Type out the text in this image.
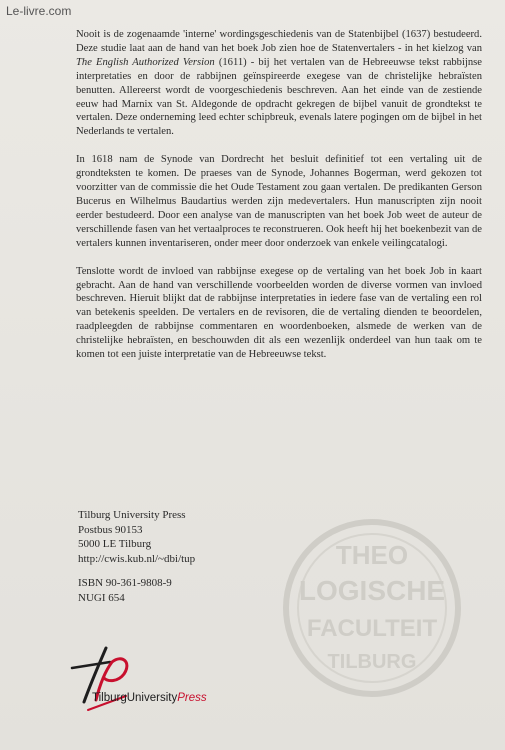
Le-livre.com

Nooit is de zogenaamde 'interne' wordingsgeschiedenis van de Statenbijbel (1637) bestudeerd. Deze studie laat aan de hand van het boek Job zien hoe de Statenvertalers - in het kielzog van The English Authorized Version (1611) - bij het vertalen van de Hebreeuwse tekst rabbijnse interpretaties en door de rabbijnen geïnspireerde exegese van de christelijke hebraïsten benutten. Allereerst wordt de voorgeschiedenis beschreven. Aan het einde van de zestiende eeuw had Marnix van St. Aldegonde de opdracht gekregen de bijbel vanuit de grondtekst te vertalen. Deze onderneming leed echter schipbreuk, evenals latere pogingen om de bijbel in het Nederlands te vertalen.

In 1618 nam de Synode van Dordrecht het besluit definitief tot een vertaling uit de grondteksten te komen. De praeses van de Synode, Johannes Bogerman, werd gekozen tot voorzitter van de commissie die het Oude Testament zou gaan vertalen. De predikanten Gerson Bucerus en Wilhelmus Baudartius werden zijn medevertalers. Hun manuscripten zijn nooit eerder bestudeerd. Door een analyse van de manuscripten van het boek Job weet de auteur de verschillende fasen van het vertaalproces te reconstrueren. Ook heeft hij het boekenbezit van de vertalers kunnen inventariseren, onder meer door onderzoek van enkele veilingcatalogi.

Tenslotte wordt de invloed van rabbijnse exegese op de vertaling van het boek Job in kaart gebracht. Aan de hand van verschillende voorbeelden worden de diverse vormen van invloed beschreven. Hieruit blijkt dat de rabbijnse interpretaties in iedere fase van de vertaling een rol van betekenis speelden. De vertalers en de revisoren, die de vertaling dienden te beoordelen, raadpleegden de rabbijnse commentaren en woordenboeken, alsmede de werken van de christelijke hebraïsten, en beschouwden dit als een wezenlijk onderdeel van hun taak om te komen tot een juiste interpretatie van de Hebreeuwse tekst.

Tilburg University Press
Postbus 90153
5000 LE Tilburg
http://cwis.kub.nl/~dbi/tup
ISBN 90-361-9808-9
NUGI 654
THEO
LOGISCHE
FACULTEIT
TILBURG
TilburgUniversityPress
